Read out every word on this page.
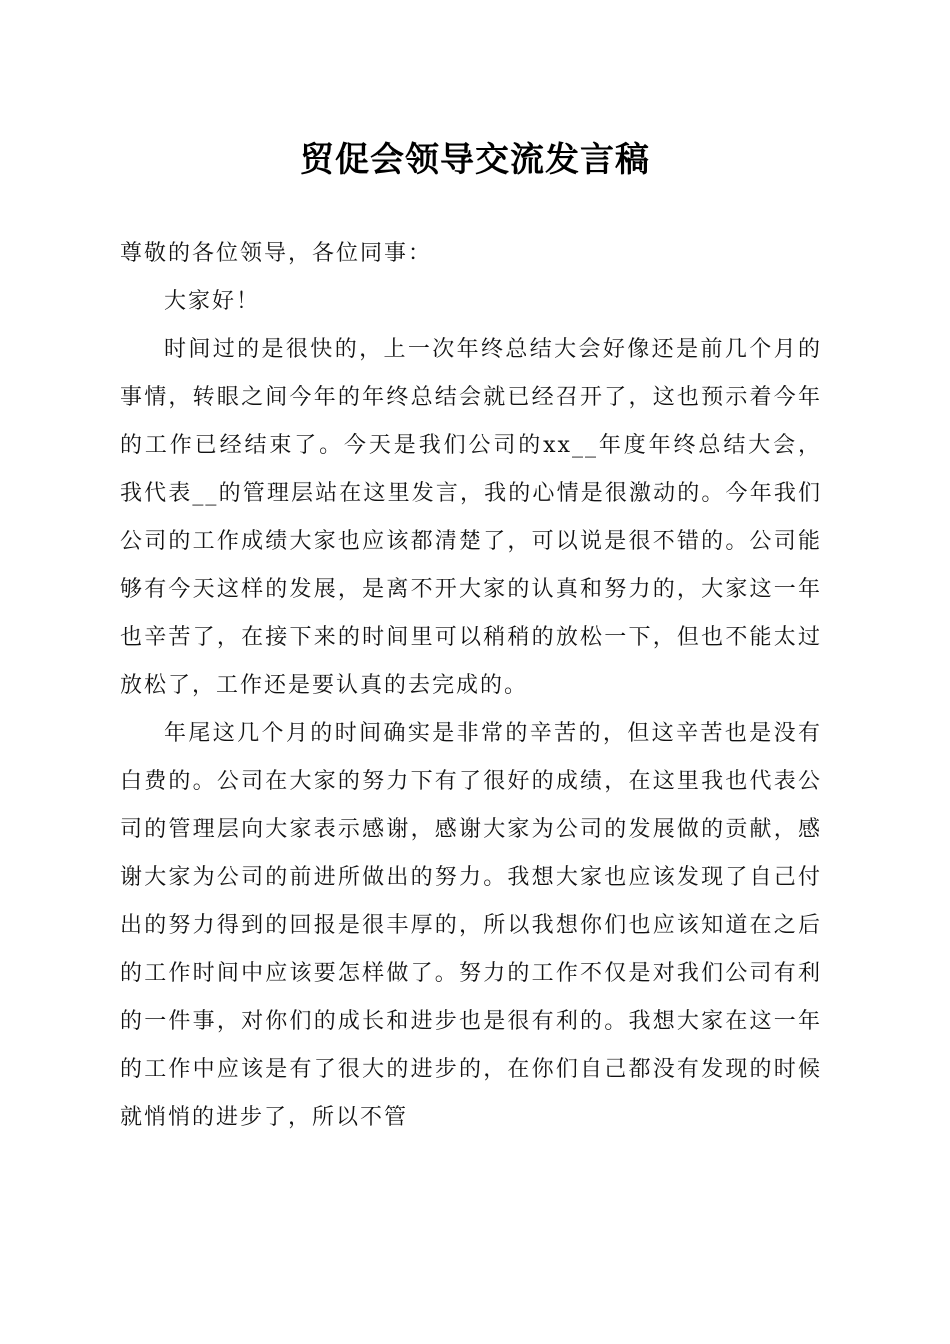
贸促会领导交流发言稿

尊敬的各位领导，各位同事：

大家好！

时间过的是很快的，上一次年终总结大会好像还是前几个月的事情，转眼之间今年的年终总结会就已经召开了，这也预示着今年的工作已经结束了。今天是我们公司的xx__年度年终总结大会，我代表__的管理层站在这里发言，我的心情是很激动的。今年我们公司的工作成绩大家也应该都清楚了，可以说是很不错的。公司能够有今天这样的发展，是离不开大家的认真和努力的，大家这一年也辛苦了，在接下来的时间里可以稍稍的放松一下，但也不能太过放松了，工作还是要认真的去完成的。

年尾这几个月的时间确实是非常的辛苦的，但这辛苦也是没有白费的。公司在大家的努力下有了很好的成绩，在这里我也代表公司的管理层向大家表示感谢，感谢大家为公司的发展做的贡献，感谢大家为公司的前进所做出的努力。我想大家也应该发现了自己付出的努力得到的回报是很丰厚的，所以我想你们也应该知道在之后的工作时间中应该要怎样做了。努力的工作不仅是对我们公司有利的一件事，对你们的成长和进步也是很有利的。我想大家在这一年的工作中应该是有了很大的进步的，在你们自己都没有发现的时候就悄悄的进步了，所以不管
